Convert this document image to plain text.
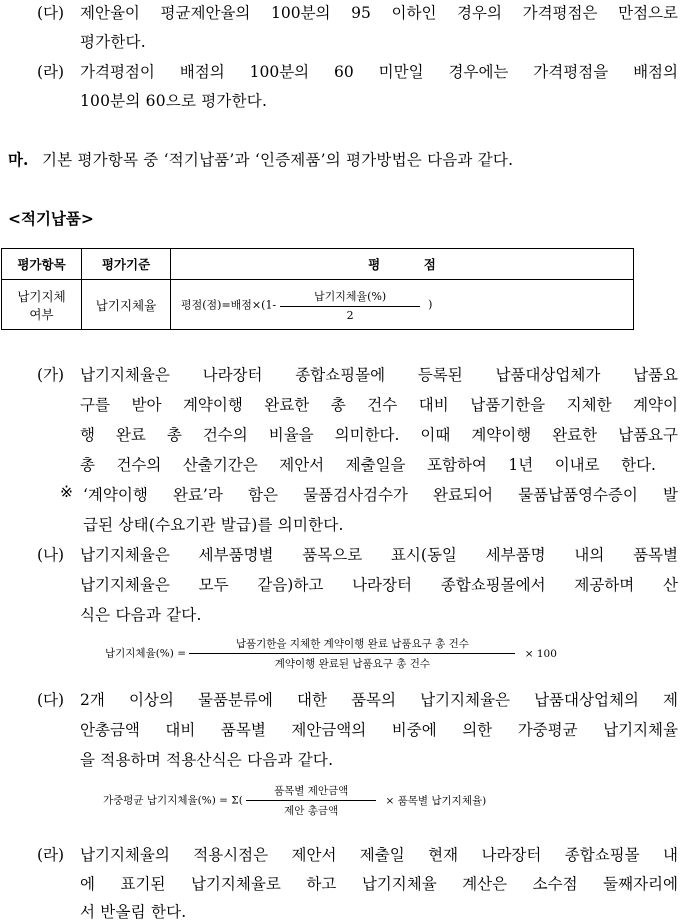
(다) 제안율이 평균제안율의 100분의 95 이하인 경우의 가격평점은 만점으로
평가한다.
(라) 가격평점이 배점의 100분의 60 미만일 경우에는 가격평점을 배점의
100분의 60으로 평가한다.
마. 기본 평가항목 중 ‘적기납품’과 ‘인증제품’의 평가방법은 다음과 같다.
<적기납품>
평가항목	평가기준	평          점

납기지체
여부	납기지체율	평점(점)=배점$\times(1- \frac{\text{납기지체율(\%)}}{2}$ )
(가) 납기지체율은 나라장터 종합쇼핑몰에 등록된 납품대상업체가 납품요
구를 받아 계약이행 완료한 총 건수 대비 납품기한을 지체한 계약이
행 완료 총 건수의 비율을 의미한다. 이때 계약이행 완료한 납품요구
총 건수의 산출기간은 제안서 제출일을 포함하여 1년 이내로 한다.
※ ‘계약이행 완료’라 함은 물품검사검수가 완료되어 물품납품영수증이 발
급된 상태(수요기관 발급)를 의미한다.
(나) 납기지체율은 세부품명별 품목으로 표시(동일 세부품명 내의 품목별
납기지체율은 모두 같음)하고 나라장터 종합쇼핑몰에서 제공하며 산
식은 다음과 같다.
납기지체율(%) = $\frac{\text{납품기한을 지체한 계약이행 완료 납품요구 총 건수}}{\text{계약이행 완료된 납품요구 총 건수}} \times 100$
(다) 2개 이상의 물품분류에 대한 품목의 납기지체율은 납품대상업체의 제
안총금액 대비 품목별 제안금액의 비중에 의한 가중평균 납기지체율
을 적용하며 적용산식은 다음과 같다.
가중평균 납기지체율(%) = $\Sigma( \frac{\text{품목별 제안금액}}{\text{제안 총금액}}$ × 품목별 납기지체율)
(라) 납기지체율의 적용시점은 제안서 제출일 현재 나라장터 종합쇼핑몰 내
에 표기된 납기지체율로 하고 납기지체율 계산은 소수점 둘째자리에
서 반올림 한다.
